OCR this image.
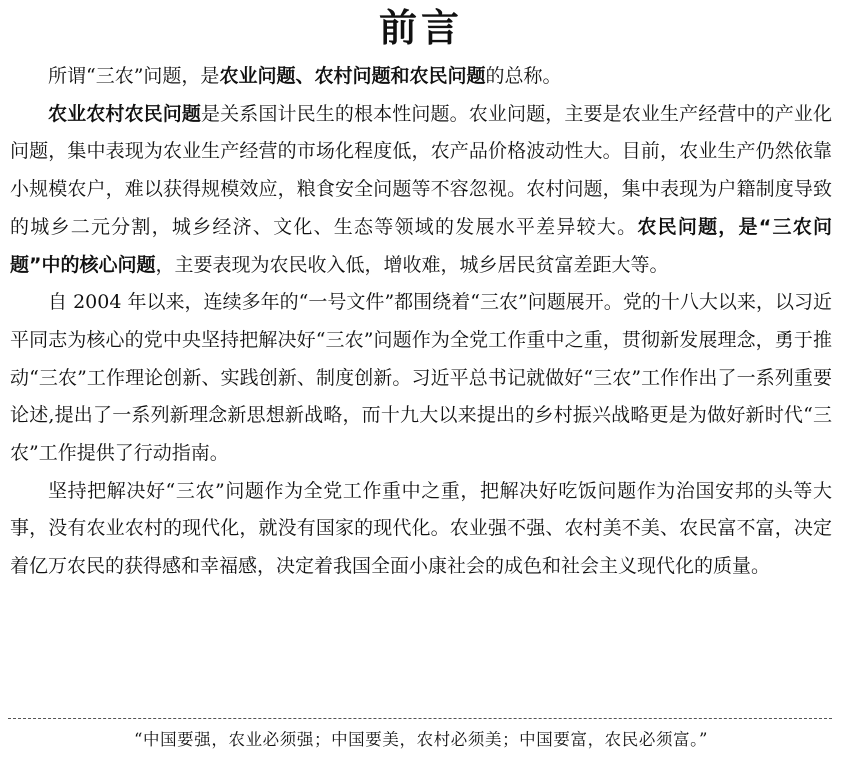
前言

所谓“三农”问题，是农业问题、农村问题和农民问题的总称。

农业农村农民问题是关系国计民生的根本性问题。农业问题，主要是农业生产经营中的产业化问题，集中表现为农业生产经营的市场化程度低，农产品价格波动性大。目前，农业生产仍然依靠小规模农户，难以获得规模效应，粮食安全问题等不容忽视。农村问题，集中表现为户籍制度导致的城乡二元分割，城乡经济、文化、生态等领域的发展水平差异较大。农民问题，是“三农问题”中的核心问题，主要表现为农民收入低，增收难，城乡居民贫富差距大等。

自 2004 年以来，连续多年的“一号文件”都围绕着“三农”问题展开。党的十八大以来，以习近平同志为核心的党中央坚持把解决好“三农”问题作为全党工作重中之重，贯彻新发展理念，勇于推动“三农”工作理论创新、实践创新、制度创新。习近平总书记就做好“三农”工作作出了一系列重要论述,提出了一系列新理念新思想新战略，而十九大以来提出的乡村振兴战略更是为做好新时代“三农”工作提供了行动指南。

坚持把解决好“三农”问题作为全党工作重中之重，把解决好吃饭问题作为治国安邦的头等大事，没有农业农村的现代化，就没有国家的现代化。农业强不强、农村美不美、农民富不富，决定着亿万农民的获得感和幸福感，决定着我国全面小康社会的成色和社会主义现代化的质量。

“中国要强，农业必须强；中国要美，农村必须美；中国要富，农民必须富。”
